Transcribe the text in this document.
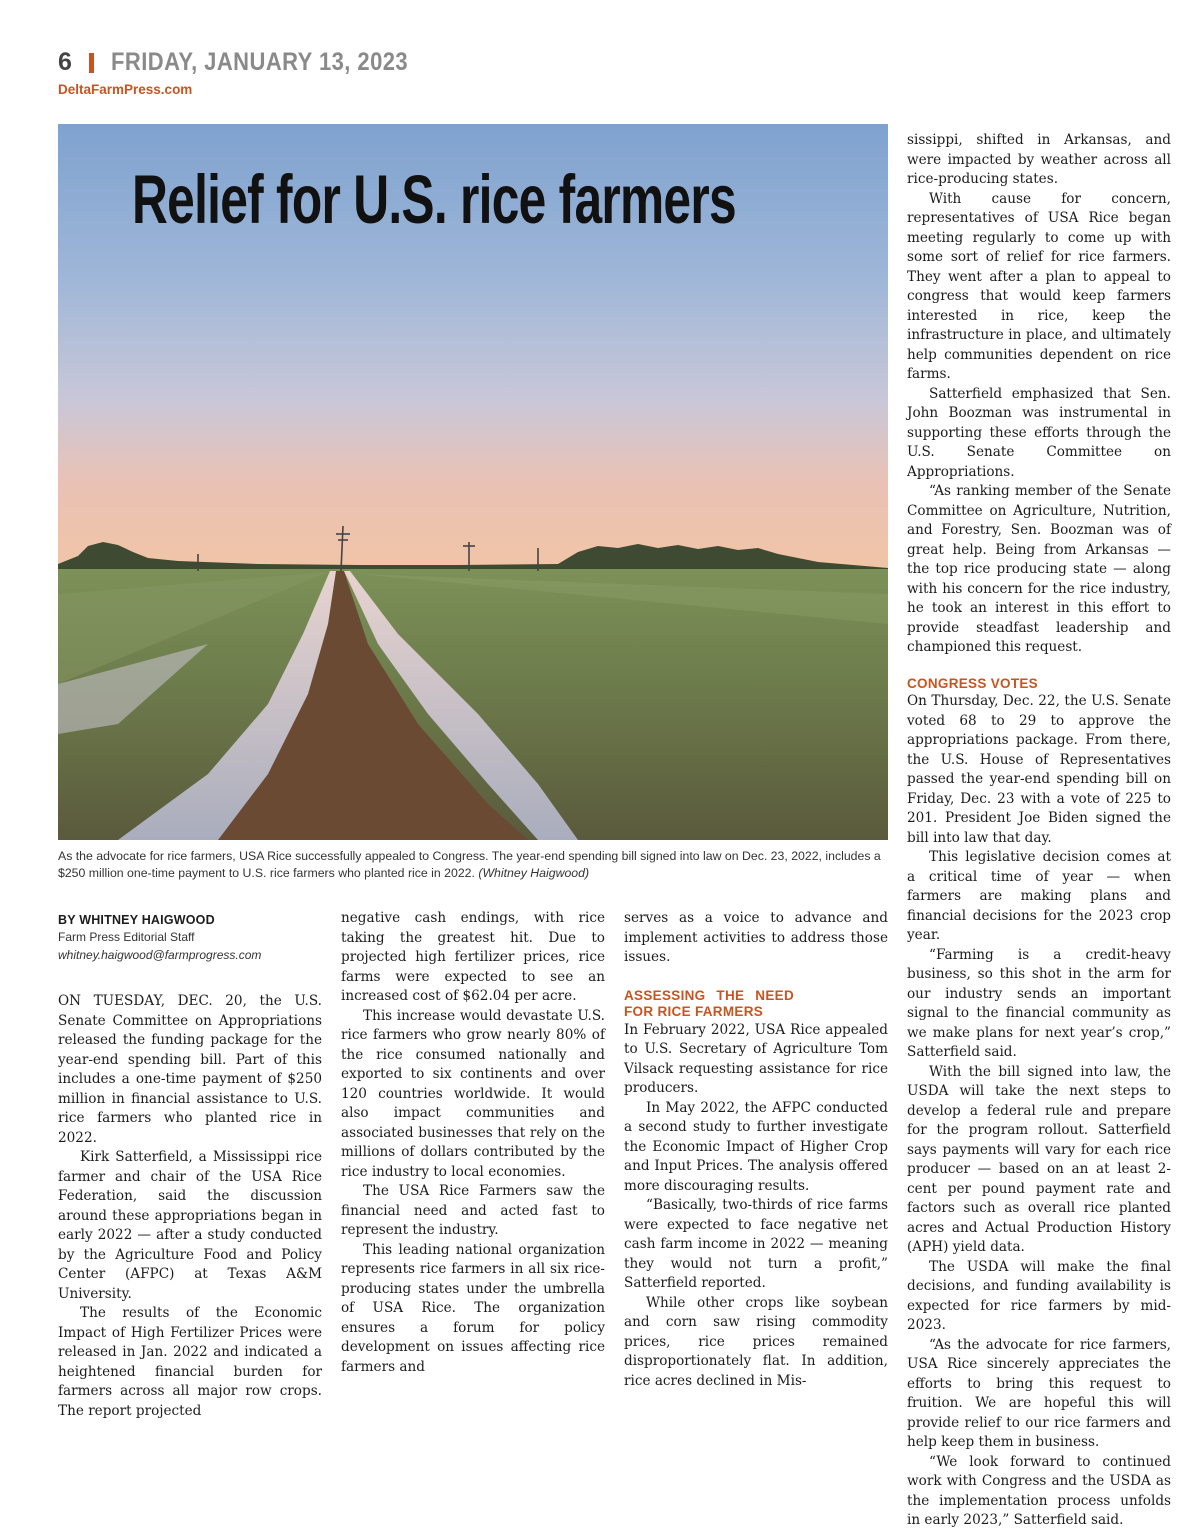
6 FRIDAY, JANUARY 13, 2023
DeltaFarmPress.com
Relief for U.S. rice farmers
As the advocate for rice farmers, USA Rice successfully appealed to Congress. The year-end spending bill signed into law on Dec. 23, 2022, includes a $250 million one-time payment to U.S. rice farmers who planted rice in 2022. (Whitney Haigwood)
BY WHITNEY HAIGWOOD
Farm Press Editorial Staff
whitney.haigwood@farmprogress.com

ON TUESDAY, DEC. 20, the U.S. Senate Committee on Appropriations released the funding package for the year-end spending bill. Part of this includes a one-time payment of $250 million in financial assistance to U.S. rice farmers who planted rice in 2022.

Kirk Satterfield, a Mississippi rice farmer and chair of the USA Rice Federation, said the discussion around these appropriations began in early 2022 — after a study conducted by the Agriculture Food and Policy Center (AFPC) at Texas A&M University.

The results of the Economic Impact of High Fertilizer Prices were released in Jan. 2022 and indicated a heightened financial burden for farmers across all major row crops. The report projected

negative cash endings, with rice taking the greatest hit. Due to projected high fertilizer prices, rice farms were expected to see an increased cost of $62.04 per acre.

This increase would devastate U.S. rice farmers who grow nearly 80% of the rice consumed nationally and exported to six continents and over 120 countries worldwide. It would also impact communities and associated businesses that rely on the millions of dollars contributed by the rice industry to local economies.

The USA Rice Farmers saw the financial need and acted fast to represent the industry.

This leading national organization represents rice farmers in all six rice-producing states under the umbrella of USA Rice. The organization ensures a forum for policy development on issues affecting rice farmers and

serves as a voice to advance and implement activities to address those issues.

ASSESSING THE NEED FOR RICE FARMERS

In February 2022, USA Rice appealed to U.S. Secretary of Agriculture Tom Vilsack requesting assistance for rice producers.

In May 2022, the AFPC conducted a second study to further investigate the Economic Impact of Higher Crop and Input Prices. The analysis offered more discouraging results.

“Basically, two-thirds of rice farms were expected to face negative net cash farm income in 2022 — meaning they would not turn a profit,” Satterfield reported.

While other crops like soybean and corn saw rising commodity prices, rice prices remained disproportionately flat. In addition, rice acres declined in Mis-

sissippi, shifted in Arkansas, and were impacted by weather across all rice-producing states.

With cause for concern, representatives of USA Rice began meeting regularly to come up with some sort of relief for rice farmers. They went after a plan to appeal to congress that would keep farmers interested in rice, keep the infrastructure in place, and ultimately help communities dependent on rice farms.

Satterfield emphasized that Sen. John Boozman was instrumental in supporting these efforts through the U.S. Senate Committee on Appropriations.

“As ranking member of the Senate Committee on Agriculture, Nutrition, and Forestry, Sen. Boozman was of great help. Being from Arkansas —the top rice producing state — along with his concern for the rice industry, he took an interest in this effort to provide steadfast leadership and championed this request.

CONGRESS VOTES

On Thursday, Dec. 22, the U.S. Senate voted 68 to 29 to approve the appropriations package. From there, the U.S. House of Representatives passed the year-end spending bill on Friday, Dec. 23 with a vote of 225 to 201. President Joe Biden signed the bill into law that day.

This legislative decision comes at a critical time of year — when farmers are making plans and financial decisions for the 2023 crop year.

“Farming is a credit-heavy business, so this shot in the arm for our industry sends an important signal to the financial community as we make plans for next year’s crop,” Satterfield said.

With the bill signed into law, the USDA will take the next steps to develop a federal rule and prepare for the program rollout. Satterfield says payments will vary for each rice producer — based on an at least 2-cent per pound payment rate and factors such as overall rice planted acres and Actual Production History (APH) yield data.

The USDA will make the final decisions, and funding availability is expected for rice farmers by mid-2023.

“As the advocate for rice farmers, USA Rice sincerely appreciates the efforts to bring this request to fruition. We are hopeful this will provide relief to our rice farmers and help keep them in business.

“We look forward to continued work with Congress and the USDA as the implementation process unfolds in early 2023,” Satterfield said.
